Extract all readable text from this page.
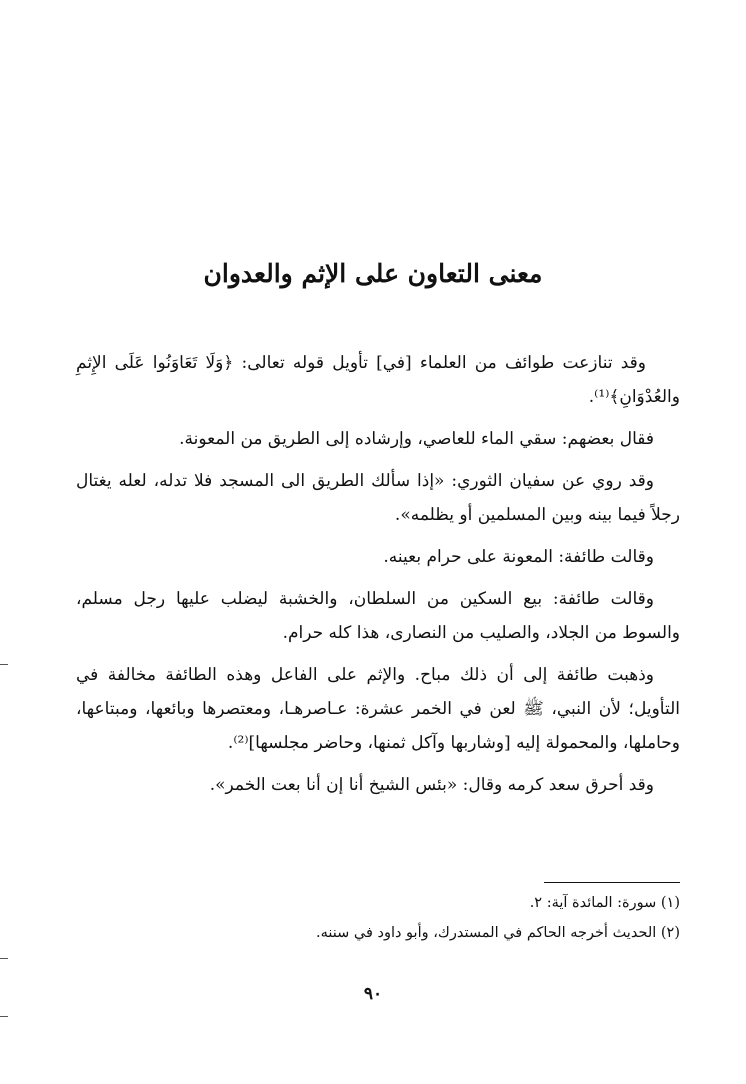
معنى التعاون على الإثم والعدوان

وقد تنازعت طوائف من العلماء [في] تأويل قوله تعالى: ﴿وَلَا تَعَاوَنُوا عَلَى الإِثمِ والعُدْوَانِ﴾⁽¹⁾.

فقال بعضهم: سقي الماء للعاصي، وإرشاده إلى الطريق من المعونة.

وقد روي عن سفيان الثوري: «إذا سألك الطريق الى المسجد فلا تدله، لعله يغتال رجلاً فيما بينه وبين المسلمين أو يظلمه».

وقالت طائفة: المعونة على حرام بعينه.

وقالت طائفة: بيع السكين من السلطان، والخشبة ليضلب عليها رجل مسلم، والسوط من الجلاد، والصليب من النصارى، هذا كله حرام.

وذهبت طائفة إلى أن ذلك مباح. والإثم على الفاعل وهذه الطائفة مخالفة في التأويل؛ لأن النبي، ﷺ لعن في الخمر عشرة: عـاصرهـا، ومعتصرها وبائعها، ومبتاعها، وحاملها، والمحمولة إليه [وشاربها وآكل ثمنها، وحاضر مجلسها]⁽²⁾.

وقد أحرق سعد كرمه وقال: «بئس الشيخ أنا إن أنا بعت الخمر».

(١) سورة: المائدة آية: ٢.

(٢) الحديث أخرجه الحاكم في المستدرك، وأبو داود في سننه.

٩٠
